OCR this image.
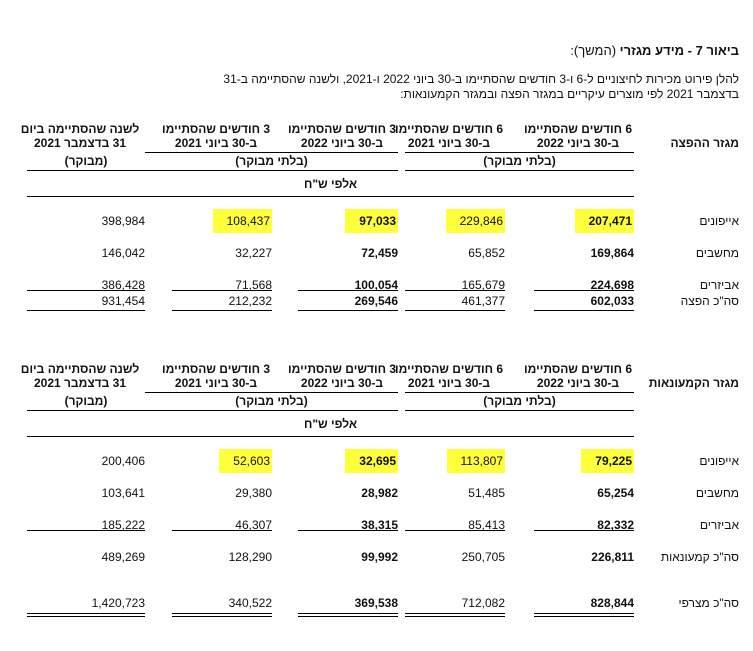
ביאור 7 - מידע מגזרי (המשך):
להלן פירוט מכירות לחיצוניים ל-6 ו-3 חודשים שהסתיימו ב-30 ביוני 2022 ו-2021, ולשנה שהסתיימה ב-31
בדצמבר 2021 לפי מוצרים עיקריים במגזר הפצה ובמגזר הקמעונאות:
6 חודשים שהסתיימו
ב-30 ביוני 2022
6 חודשים שהסתיימו
ב-30 ביוני 2021
3 חודשים שהסתיימו
ב-30 ביוני 2022
3 חודשים שהסתיימו
ב-30 ביוני 2021
לשנה שהסתיימה ביום
31 בדצמבר 2021	מגזר ההפצה
(בלתי מבוקר)
(בלתי מבוקר)
(מבוקר)
אלפי ש"ח
אייפונים
207,471
229,846
97,033
108,437
398,984
מחשבים
169,864
65,852
72,459
32,227
146,042
אביזרים
224,698
165,679
100,054
71,568
386,428
סה"כ הפצה
602,033
461,377
269,546
212,232
931,454
6 חודשים שהסתיימו
ב-30 ביוני 2022
6 חודשים שהסתיימו
ב-30 ביוני 2021
3 חודשים שהסתיימו
ב-30 ביוני 2022
3 חודשים שהסתיימו
ב-30 ביוני 2021
לשנה שהסתיימה ביום
31 בדצמבר 2021	מגזר הקמעונאות
(בלתי מבוקר)
(בלתי מבוקר)
(מבוקר)
אלפי ש"ח
אייפונים
79,225
113,807
32,695
52,603
200,406
מחשבים
65,254
51,485
28,982
29,380
103,641
אביזרים
82,332
85,413
38,315
46,307
185,222
סה"כ קמעונאות
226,811
250,705
99,992
128,290
489,269
סה"כ מצרפי
828,844
712,082
369,538
340,522
1,420,723
